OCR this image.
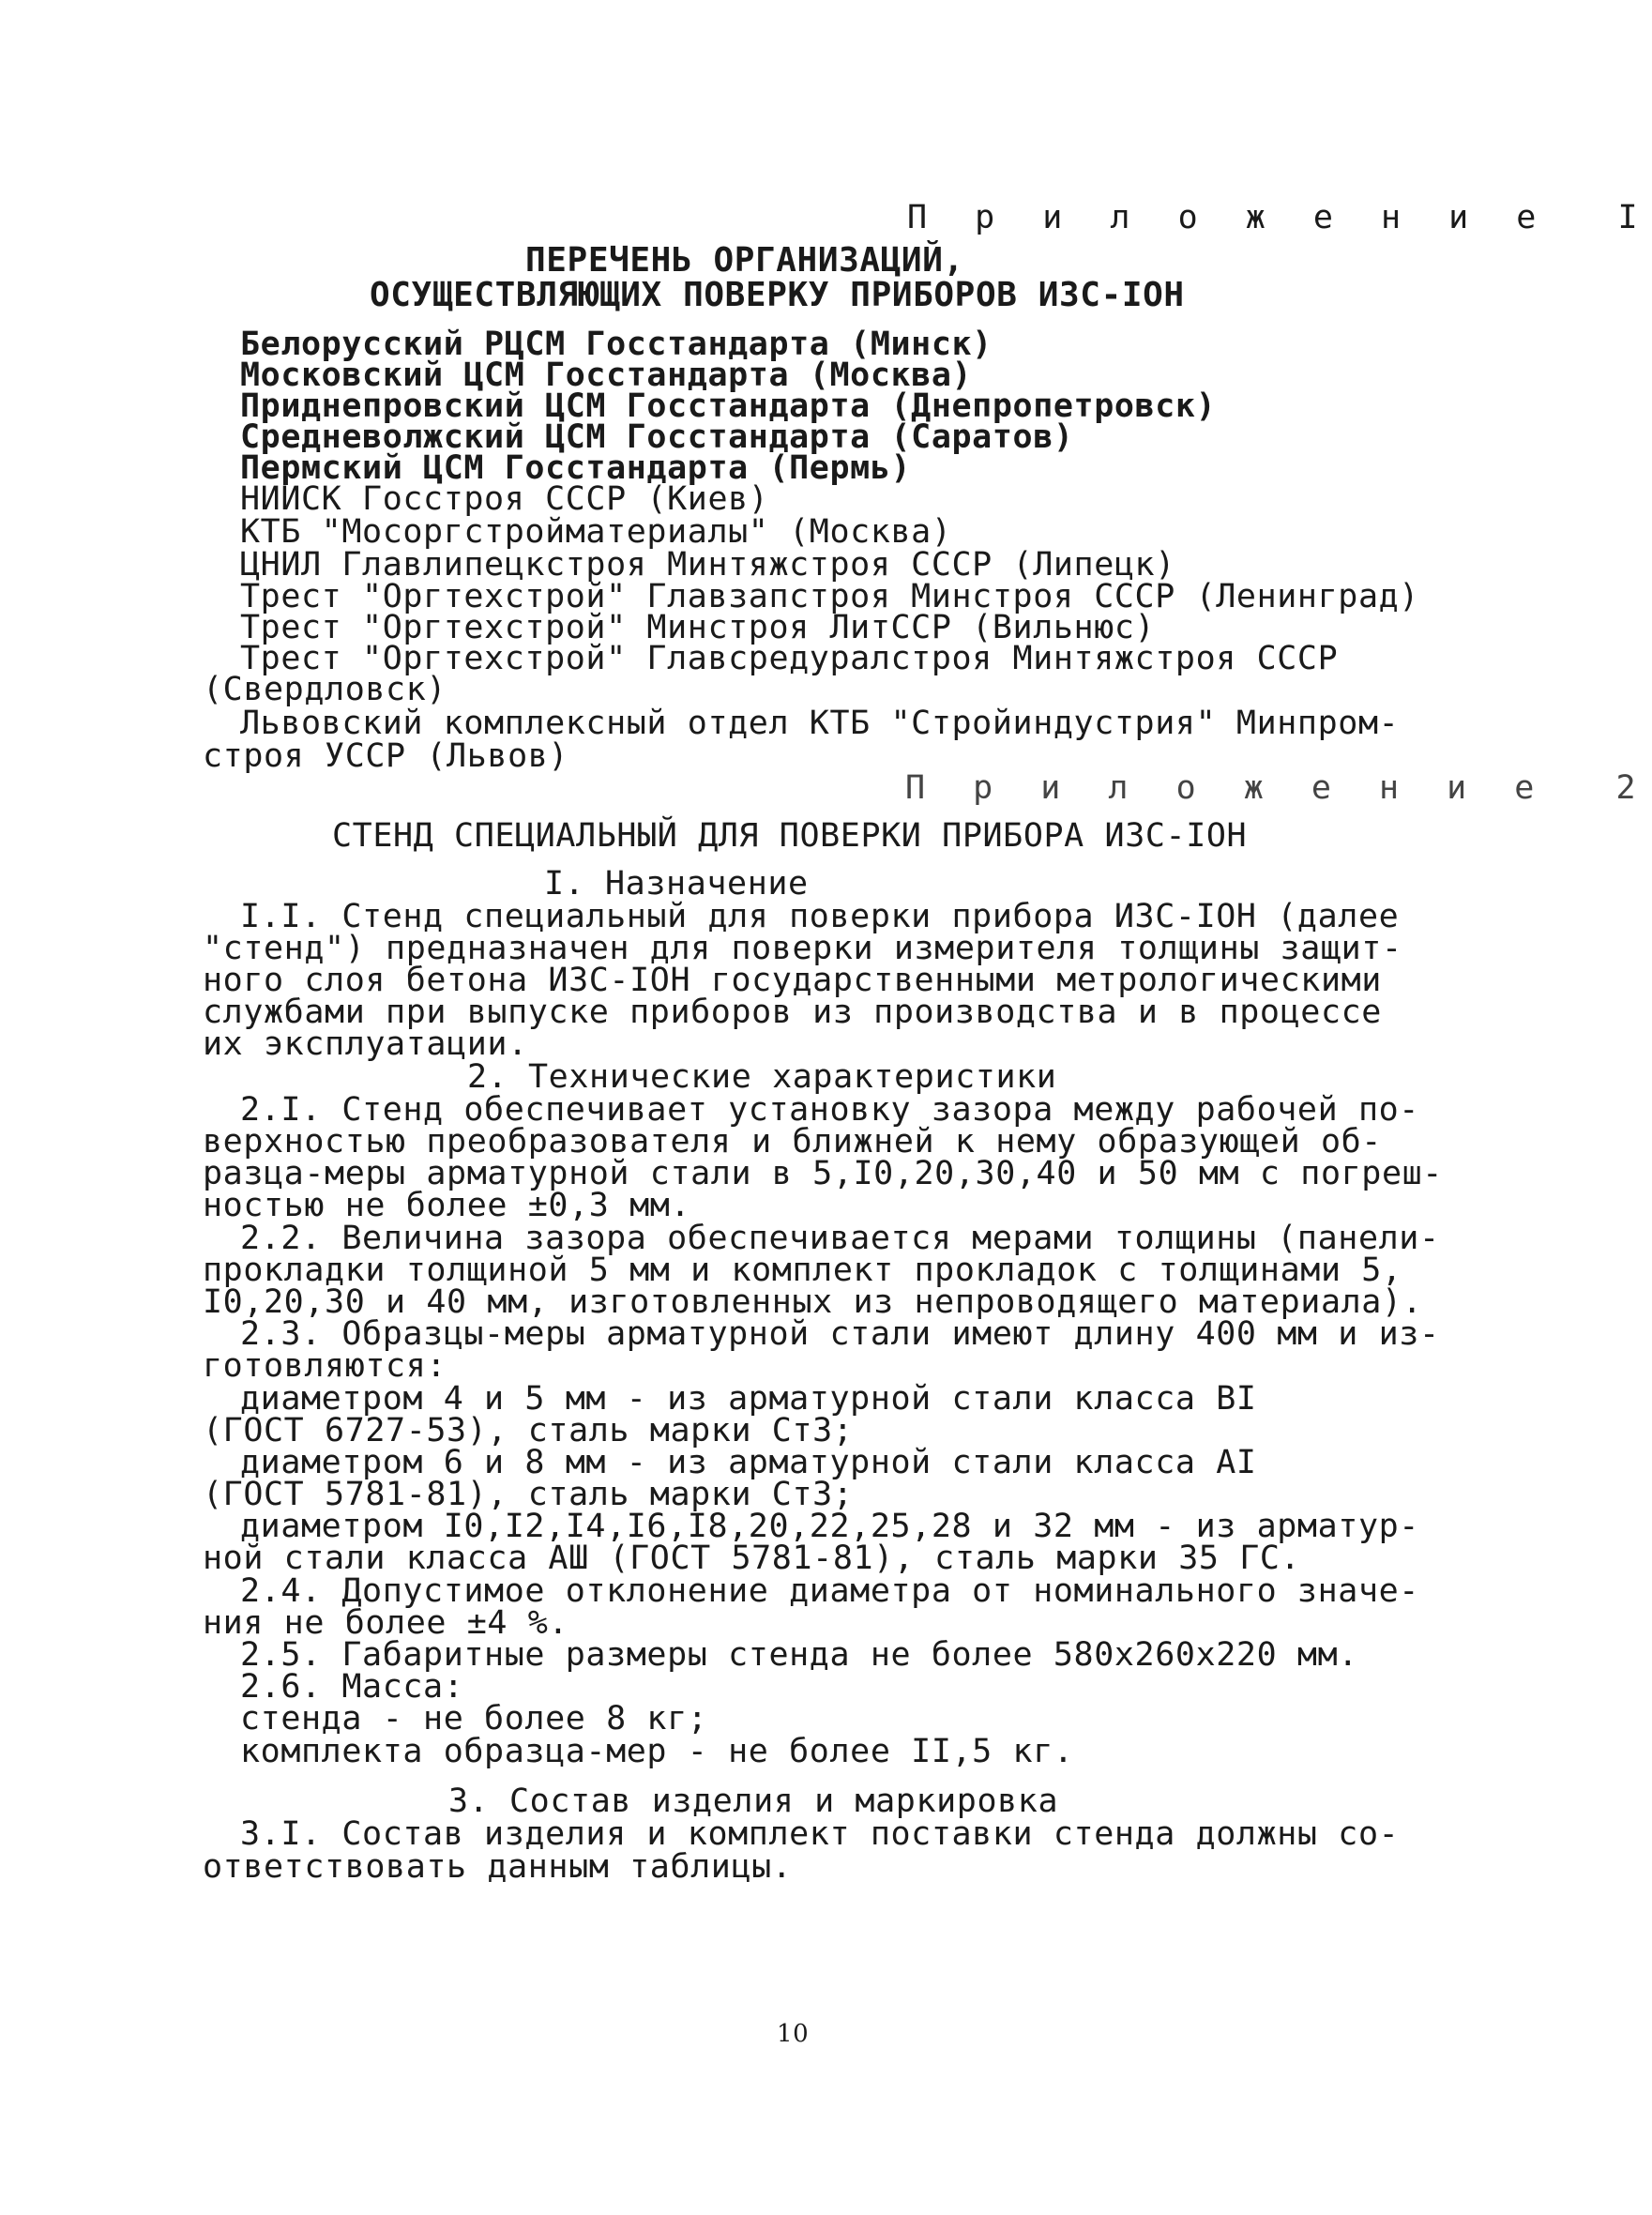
П р и л о ж е н и е  I
ПЕРЕЧЕНЬ ОРГАНИЗАЦИЙ,
ОСУЩЕСТВЛЯЮЩИХ ПОВЕРКУ ПРИБОРОВ ИЗС-IОН
Белорусский РЦСМ Госстандарта (Минск)
Московский ЦСМ Госстандарта (Москва)
Приднепровский ЦСМ Госстандарта (Днепропетровск)
Средневолжский ЦСМ Госстандарта (Саратов)
Пермский ЦСМ Госстандарта (Пермь)
НИИСК Госстроя СССР (Киев)
КТБ "Мосоргстройматериалы" (Москва)
ЦНИЛ Главлипецкстроя Минтяжстроя СССР (Липецк)
Трест "Оргтехстрой" Главзапстроя Минстроя СССР (Ленинград)
Трест "Оргтехстрой" Минстроя ЛитССР (Вильнюс)
Трест "Оргтехстрой" Главсредуралстроя Минтяжстроя СССР
(Свердловск)
Львовский комплексный отдел КТБ "Стройиндустрия" Минпром-
строя УССР (Львов)
П р и л о ж е н и е  2
СТЕНД СПЕЦИАЛЬНЫЙ ДЛЯ ПОВЕРКИ ПРИБОРА ИЗС-IОН
I. Назначение
I.I. Стенд специальный для поверки прибора ИЗС-IОН (далее
"стенд") предназначен для поверки измерителя толщины защит-
ного слоя бетона ИЗС-IОН государственными метрологическими
службами при выпуске приборов из производства и в процессе
их эксплуатации.
2. Технические характеристики
2.I. Стенд обеспечивает установку зазора между рабочей по-
верхностью преобразователя и ближней к нему образующей об-
разца-меры арматурной стали в 5,I0,20,30,40 и 50 мм с погреш-
ностью не более ±0,3 мм.
2.2. Величина зазора обеспечивается мерами толщины (панели-
прокладки толщиной 5 мм и комплект прокладок с толщинами 5,
I0,20,30 и 40 мм, изготовленных из непроводящего материала).
2.3. Образцы-меры арматурной стали имеют длину 400 мм и из-
готовляются:
диаметром 4 и 5 мм - из арматурной стали класса BI
(ГОСТ 6727-53), сталь марки Ст3;
диаметром 6 и 8 мм - из арматурной стали класса AI
(ГОСТ 5781-81), сталь марки Ст3;
диаметром I0,I2,I4,I6,I8,20,22,25,28 и 32 мм - из арматур-
ной стали класса АШ (ГОСТ 5781-81), сталь марки 35 ГС.
2.4. Допустимое отклонение диаметра от номинального значе-
ния не более ±4 %.
2.5. Габаритные размеры стенда не более 580х260х220 мм.
2.6. Масса:
стенда - не более 8 кг;
комплекта образца-мер - не более II,5 кг.
3. Состав изделия и маркировка
3.I. Состав изделия и комплект поставки стенда должны со-
ответствовать данным таблицы.
10
